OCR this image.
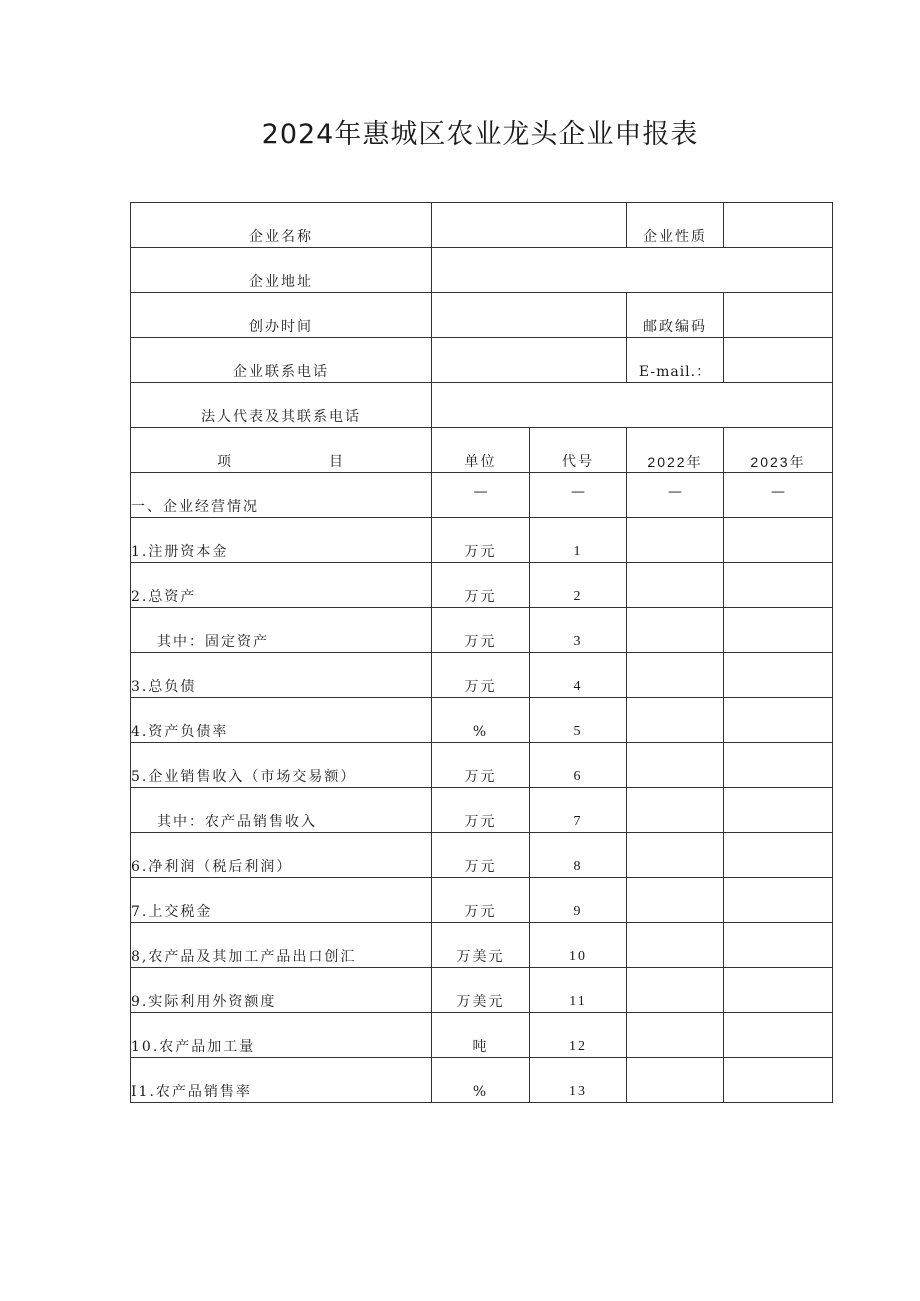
2024年惠城区农业龙头企业申报表
企业名称			企业性质	

企业地址				

创办时间			邮政编码	

企业联系电话			E-mail.：	

法人代表及其联系电话				

项　　　　　　目	单位	代号	2022年	2023年

一、企业经营情况	—	—	—	—

1.注册资本金	万元	1		

2.总资产	万元	2		

其中：固定资产	万元	3		

3.总负债	万元	4		

4.资产负债率	%	5		

5.企业销售收入（市场交易额）	万元	6		

其中：农产品销售收入	万元	7		

6.净利润（税后利润）	万元	8		

7.上交税金	万元	9		

8,农产品及其加工产品出口创汇	万美元	10		

9.实际利用外资额度	万美元	11		

10.农产品加工量	吨	12		

I1.农产品销售率	%	13		
